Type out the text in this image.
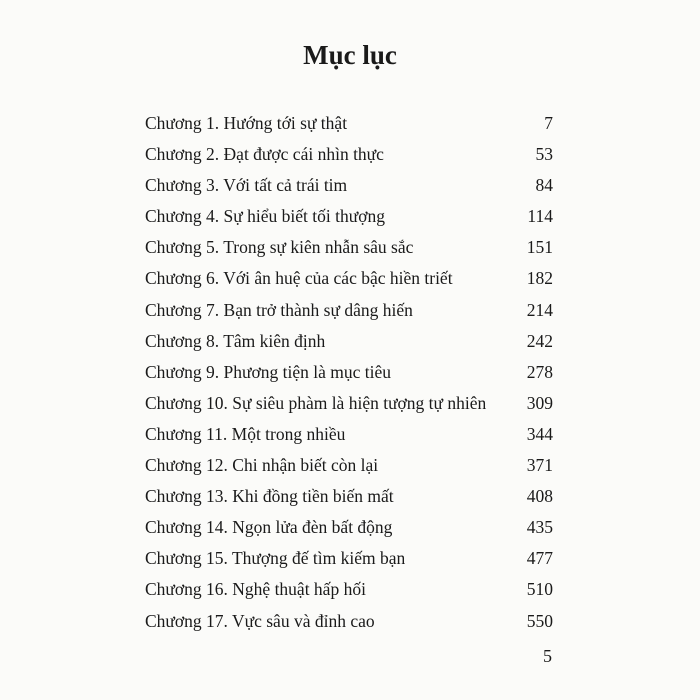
Mục lục
Chương 1. Hướng tới sự thật	7
Chương 2. Đạt được cái nhìn thực	53
Chương 3. Với tất cả trái tim	84
Chương 4. Sự hiểu biết tối thượng	114
Chương 5. Trong sự kiên nhẫn sâu sắc	151
Chương 6. Với ân huệ của các bậc hiền triết	182
Chương 7. Bạn trở thành sự dâng hiến	214
Chương 8. Tâm kiên định	242
Chương 9. Phương tiện là mục tiêu	278
Chương 10. Sự siêu phàm là hiện tượng tự nhiên 309
Chương 11. Một trong nhiều	344
Chương 12. Chi nhận biết còn lại	371
Chương 13. Khi đồng tiền biến mất	408
Chương 14. Ngọn lửa đèn bất động	435
Chương 15. Thượng đế tìm kiếm bạn	477
Chương 16. Nghệ thuật hấp hối	510
Chương 17. Vực sâu và đỉnh cao	550
5
